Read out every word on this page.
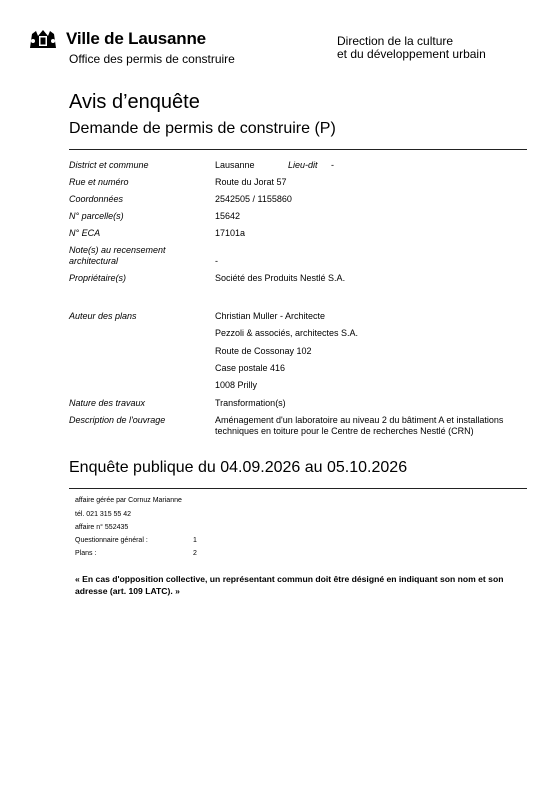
Ville de Lausanne
Office des permis de construire
Direction de la culture
et du développement urbain
Avis d’enquête
Demande de permis de construire (P)
District et commune	Lausanne	Lieu-dit -
Rue et numéro	Route du Jorat 57
Coordonnées	2542505 / 1155860
N° parcelle(s)	15642
N° ECA	17101a
Note(s) au recensement architectural	-
Propriétaire(s)	Société des Produits Nestlé S.A.
Auteur des plans	Christian Muller - Architecte
Pezzoli & associés, architectes S.A.
Route de Cossonay 102
Case postale 416
1008 Prilly
Nature des travaux	Transformation(s)
Description de l'ouvrage	Aménagement d'un laboratoire au niveau 2 du bâtiment A et installations techniques en toiture pour le Centre de recherches Nestlé (CRN)
Enquête publique du 04.09.2026 au 05.10.2026
affaire gérée par Cornuz Marianne
tél. 021 315 55 42
affaire n° 552435
Questionnaire général :	1
Plans :	2
« En cas d'opposition collective, un représentant commun doit être désigné en indiquant son nom et son adresse (art. 109 LATC). »
